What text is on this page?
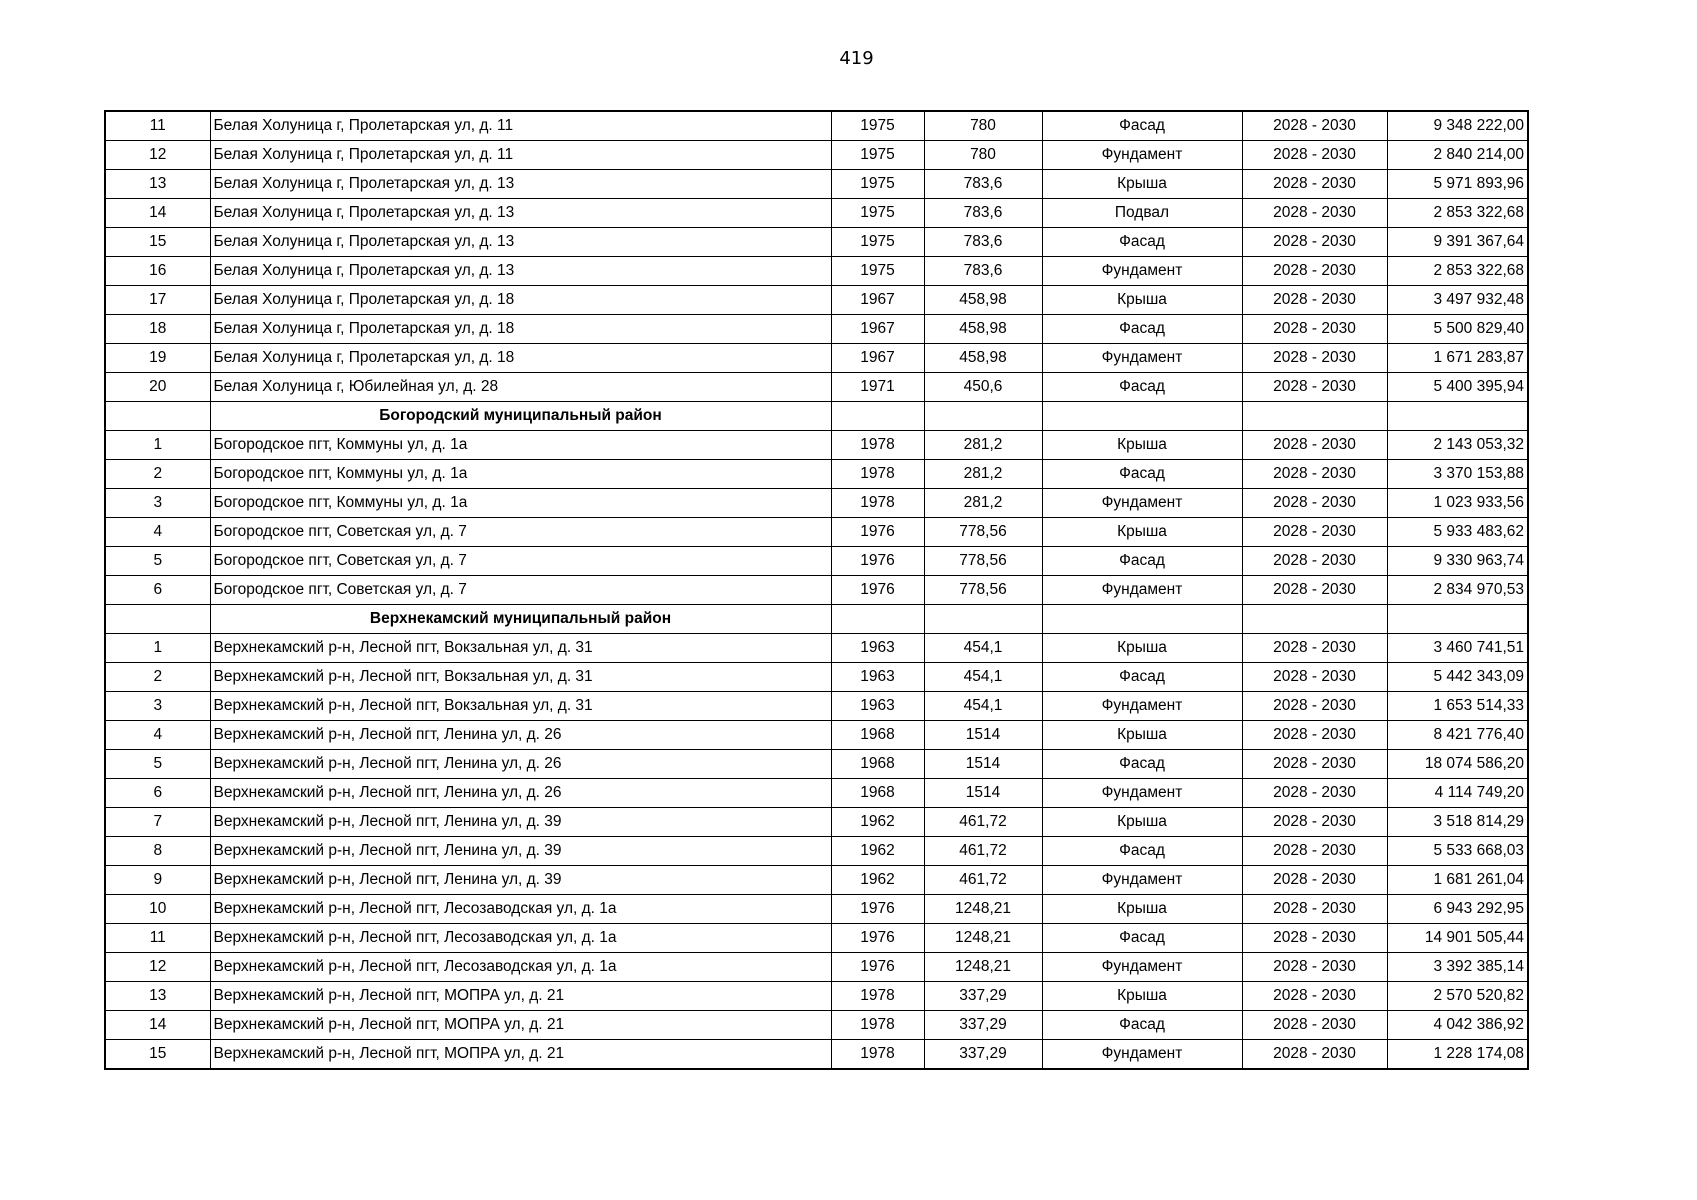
419
11	Белая Холуница г, Пролетарская ул, д. 11	1975	780	Фасад	2028 - 2030	9 348 222,00
12	Белая Холуница г, Пролетарская ул, д. 11	1975	780	Фундамент	2028 - 2030	2 840 214,00
13	Белая Холуница г, Пролетарская ул, д. 13	1975	783,6	Крыша	2028 - 2030	5 971 893,96
14	Белая Холуница г, Пролетарская ул, д. 13	1975	783,6	Подвал	2028 - 2030	2 853 322,68
15	Белая Холуница г, Пролетарская ул, д. 13	1975	783,6	Фасад	2028 - 2030	9 391 367,64
16	Белая Холуница г, Пролетарская ул, д. 13	1975	783,6	Фундамент	2028 - 2030	2 853 322,68
17	Белая Холуница г, Пролетарская ул, д. 18	1967	458,98	Крыша	2028 - 2030	3 497 932,48
18	Белая Холуница г, Пролетарская ул, д. 18	1967	458,98	Фасад	2028 - 2030	5 500 829,40
19	Белая Холуница г, Пролетарская ул, д. 18	1967	458,98	Фундамент	2028 - 2030	1 671 283,87
20	Белая Холуница г, Юбилейная ул, д. 28	1971	450,6	Фасад	2028 - 2030	5 400 395,94
	Богородский муниципальный район					
1	Богородское пгт, Коммуны ул, д. 1а	1978	281,2	Крыша	2028 - 2030	2 143 053,32
2	Богородское пгт, Коммуны ул, д. 1а	1978	281,2	Фасад	2028 - 2030	3 370 153,88
3	Богородское пгт, Коммуны ул, д. 1а	1978	281,2	Фундамент	2028 - 2030	1 023 933,56
4	Богородское пгт, Советская ул, д. 7	1976	778,56	Крыша	2028 - 2030	5 933 483,62
5	Богородское пгт, Советская ул, д. 7	1976	778,56	Фасад	2028 - 2030	9 330 963,74
6	Богородское пгт, Советская ул, д. 7	1976	778,56	Фундамент	2028 - 2030	2 834 970,53
	Верхнекамский муниципальный район					
1	Верхнекамский р-н, Лесной пгт, Вокзальная ул, д. 31	1963	454,1	Крыша	2028 - 2030	3 460 741,51
2	Верхнекамский р-н, Лесной пгт, Вокзальная ул, д. 31	1963	454,1	Фасад	2028 - 2030	5 442 343,09
3	Верхнекамский р-н, Лесной пгт, Вокзальная ул, д. 31	1963	454,1	Фундамент	2028 - 2030	1 653 514,33
4	Верхнекамский р-н, Лесной пгт, Ленина ул, д. 26	1968	1514	Крыша	2028 - 2030	8 421 776,40
5	Верхнекамский р-н, Лесной пгт, Ленина ул, д. 26	1968	1514	Фасад	2028 - 2030	18 074 586,20
6	Верхнекамский р-н, Лесной пгт, Ленина ул, д. 26	1968	1514	Фундамент	2028 - 2030	4 114 749,20
7	Верхнекамский р-н, Лесной пгт, Ленина ул, д. 39	1962	461,72	Крыша	2028 - 2030	3 518 814,29
8	Верхнекамский р-н, Лесной пгт, Ленина ул, д. 39	1962	461,72	Фасад	2028 - 2030	5 533 668,03
9	Верхнекамский р-н, Лесной пгт, Ленина ул, д. 39	1962	461,72	Фундамент	2028 - 2030	1 681 261,04
10	Верхнекамский р-н, Лесной пгт, Лесозаводская ул, д. 1а	1976	1248,21	Крыша	2028 - 2030	6 943 292,95
11	Верхнекамский р-н, Лесной пгт, Лесозаводская ул, д. 1а	1976	1248,21	Фасад	2028 - 2030	14 901 505,44
12	Верхнекамский р-н, Лесной пгт, Лесозаводская ул, д. 1а	1976	1248,21	Фундамент	2028 - 2030	3 392 385,14
13	Верхнекамский р-н, Лесной пгт, МОПРА ул, д. 21	1978	337,29	Крыша	2028 - 2030	2 570 520,82
14	Верхнекамский р-н, Лесной пгт, МОПРА ул, д. 21	1978	337,29	Фасад	2028 - 2030	4 042 386,92
15	Верхнекамский р-н, Лесной пгт, МОПРА ул, д. 21	1978	337,29	Фундамент	2028 - 2030	1 228 174,08
